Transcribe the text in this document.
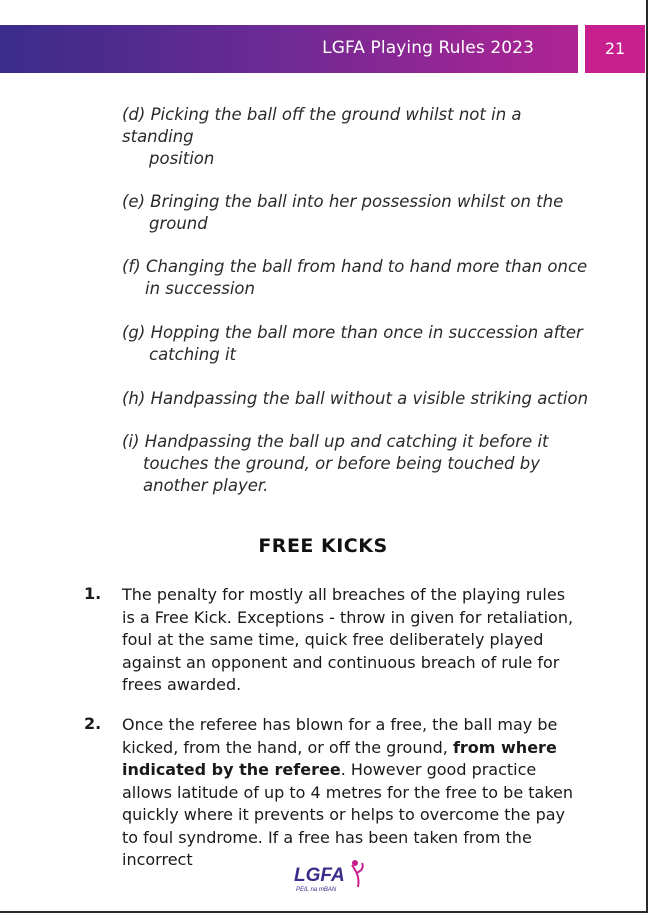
LGFA Playing Rules 2023	21
(d) Picking the ball off the ground whilst not in a standing
position
(e) Bringing the ball into her possession whilst on the
ground
(f) Changing the ball from hand to hand more than once
in succession
(g) Hopping the ball more than once in succession after
catching it
(h) Handpassing the ball without a visible striking action
(i) Handpassing the ball up and catching it before it
touches the ground, or before being touched by
another player.
FREE KICKS
1. The penalty for mostly all breaches of the playing rules is a Free Kick. Exceptions - throw in given for retaliation, foul at the same time, quick free deliberately played against an opponent and continuous breach of rule for frees awarded.
2. Once the referee has blown for a free, the ball may be kicked, from the hand, or off the ground, from where indicated by the referee. However good practice allows latitude of up to 4 metres for the free to be taken quickly where it prevents or helps to overcome the pay to foul syndrome. If a free has been taken from the incorrect
LGFA
PEIL na mBAN
